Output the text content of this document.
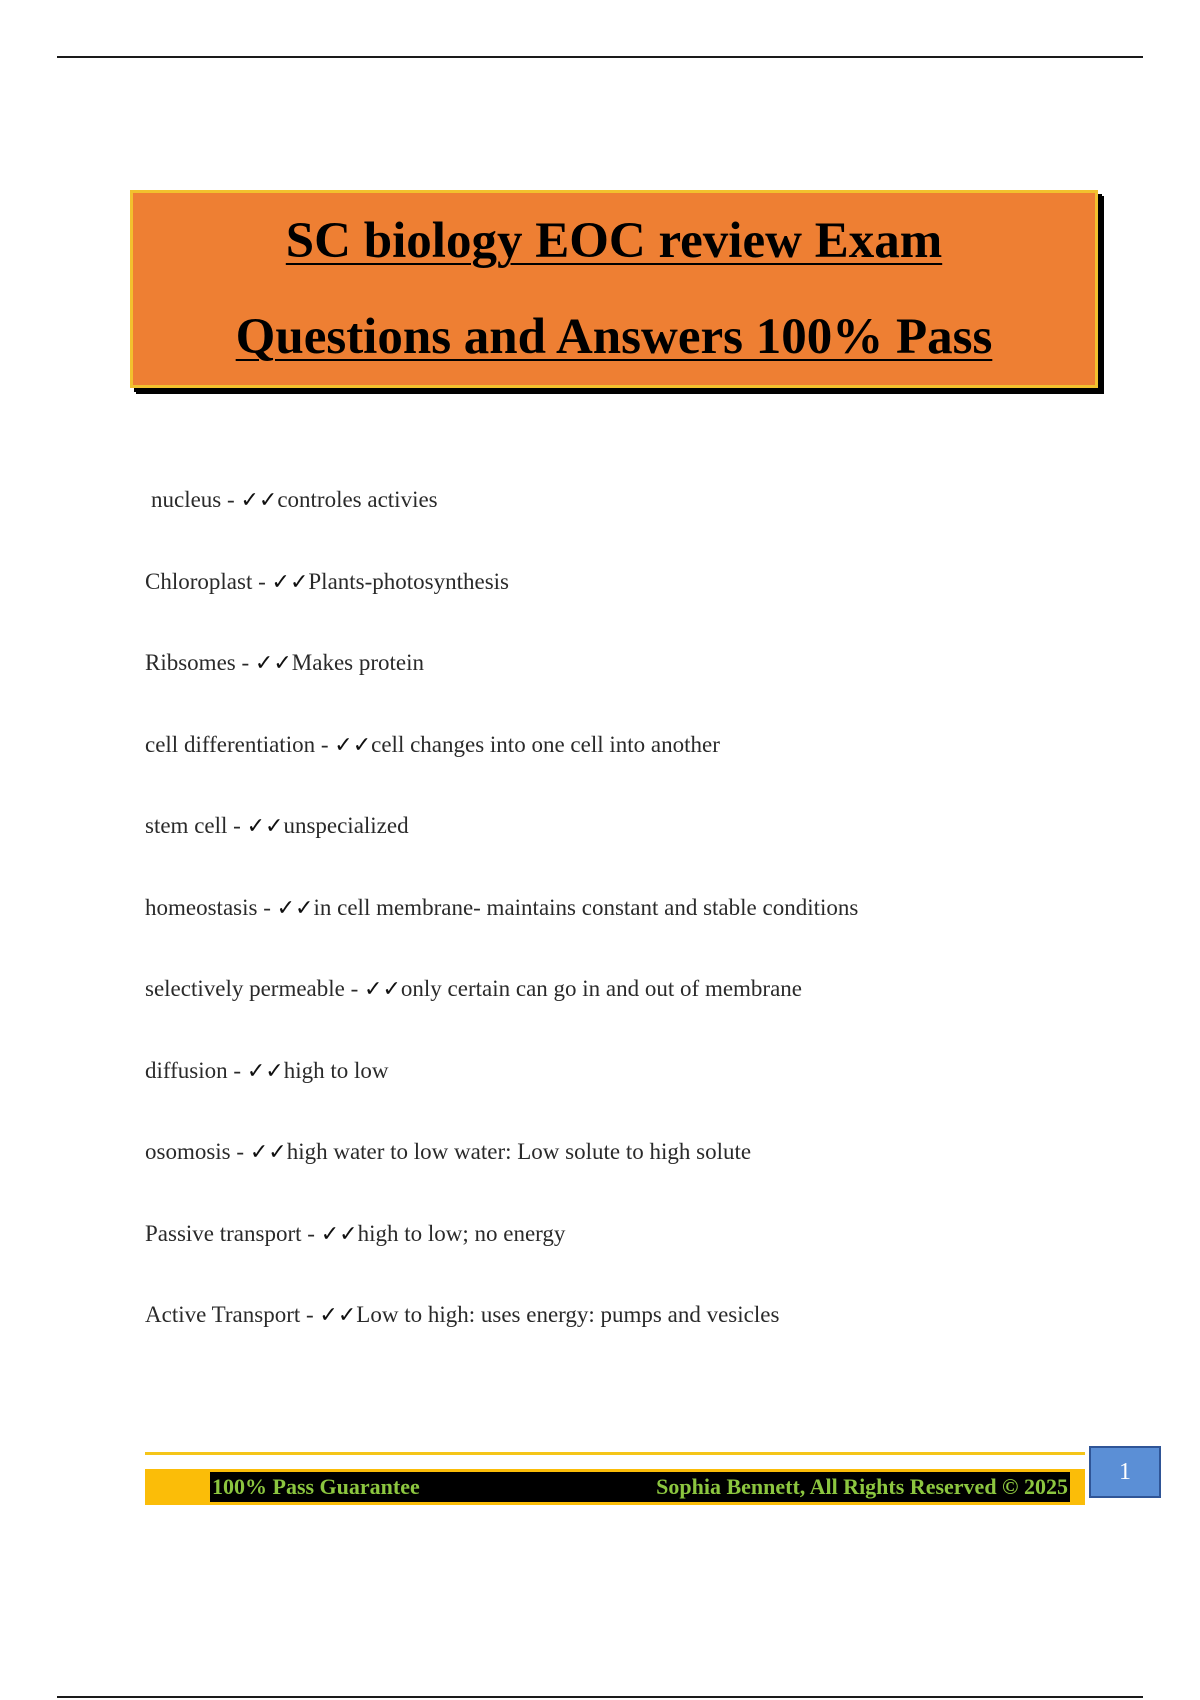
SC biology EOC review Exam
Questions and Answers 100% Pass
nucleus - ✓✓controles activies
Chloroplast - ✓✓Plants-photosynthesis
Ribsomes - ✓✓Makes protein
cell differentiation - ✓✓cell changes into one cell into another
stem cell - ✓✓unspecialized
homeostasis - ✓✓in cell membrane- maintains constant and stable conditions
selectively permeable - ✓✓only certain can go in and out of membrane
diffusion - ✓✓high to low
osomosis - ✓✓high water to low water: Low solute to high solute
Passive transport - ✓✓high to low; no energy
Active Transport - ✓✓Low to high: uses energy: pumps and vesicles
100% Pass Guarantee	Sophia Bennett, All Rights Reserved © 2025
1
